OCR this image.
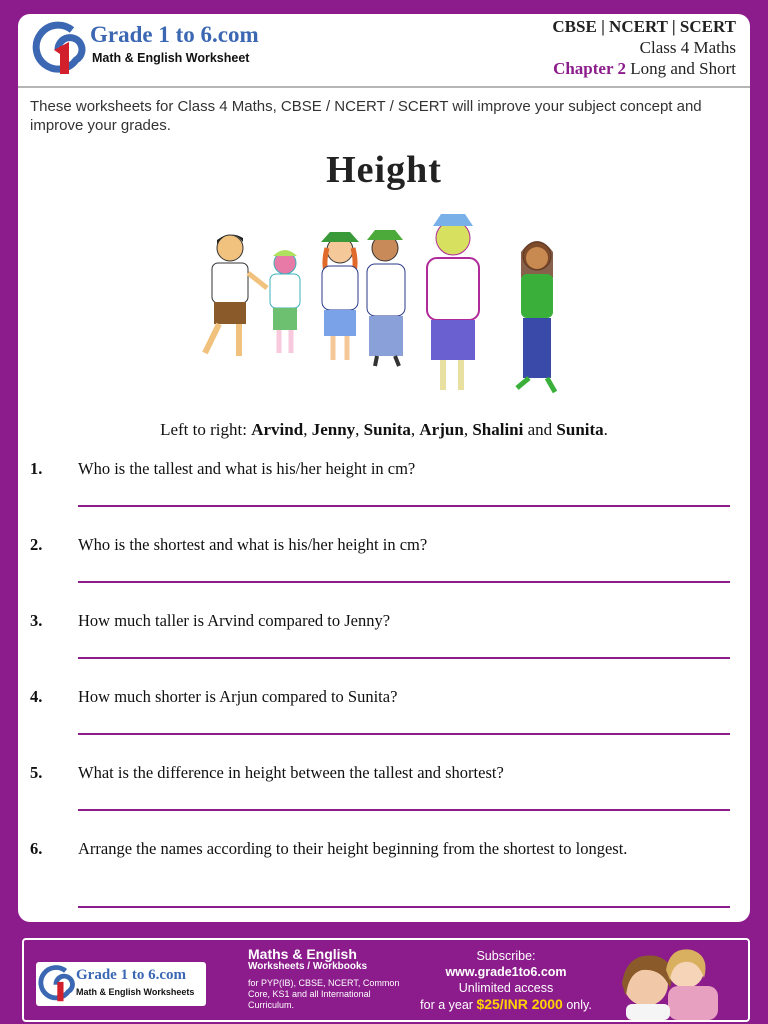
Grade 1 to 6.com
Math & English Worksheet
CBSE | NCERT | SCERT
Class 4 Maths
Chapter 2 Long and Short
These worksheets for Class 4 Maths, CBSE / NCERT / SCERT will improve your subject concept and improve your grades.
Height
Left to right: Arvind, Jenny, Sunita, Arjun, Shalini and Sunita.
1. Who is the tallest and what is his/her height in cm?
2. Who is the shortest and what is his/her height in cm?
3. How much taller is Arvind compared to Jenny?
4. How much shorter is Arjun compared to Sunita?
5. What is the difference in height between the tallest and shortest?
6. Arrange the names according to their height beginning from the shortest to longest.
Grade 1 to 6.com
Math & English Worksheets
Maths & English
Worksheets / Workbooks
for PYP(IB), CBSE, NCERT, Common Core, KS1 and all International Curriculum.
Subscribe:
www.grade1to6.com
Unlimited access
for a year $25/INR 2000 only.
